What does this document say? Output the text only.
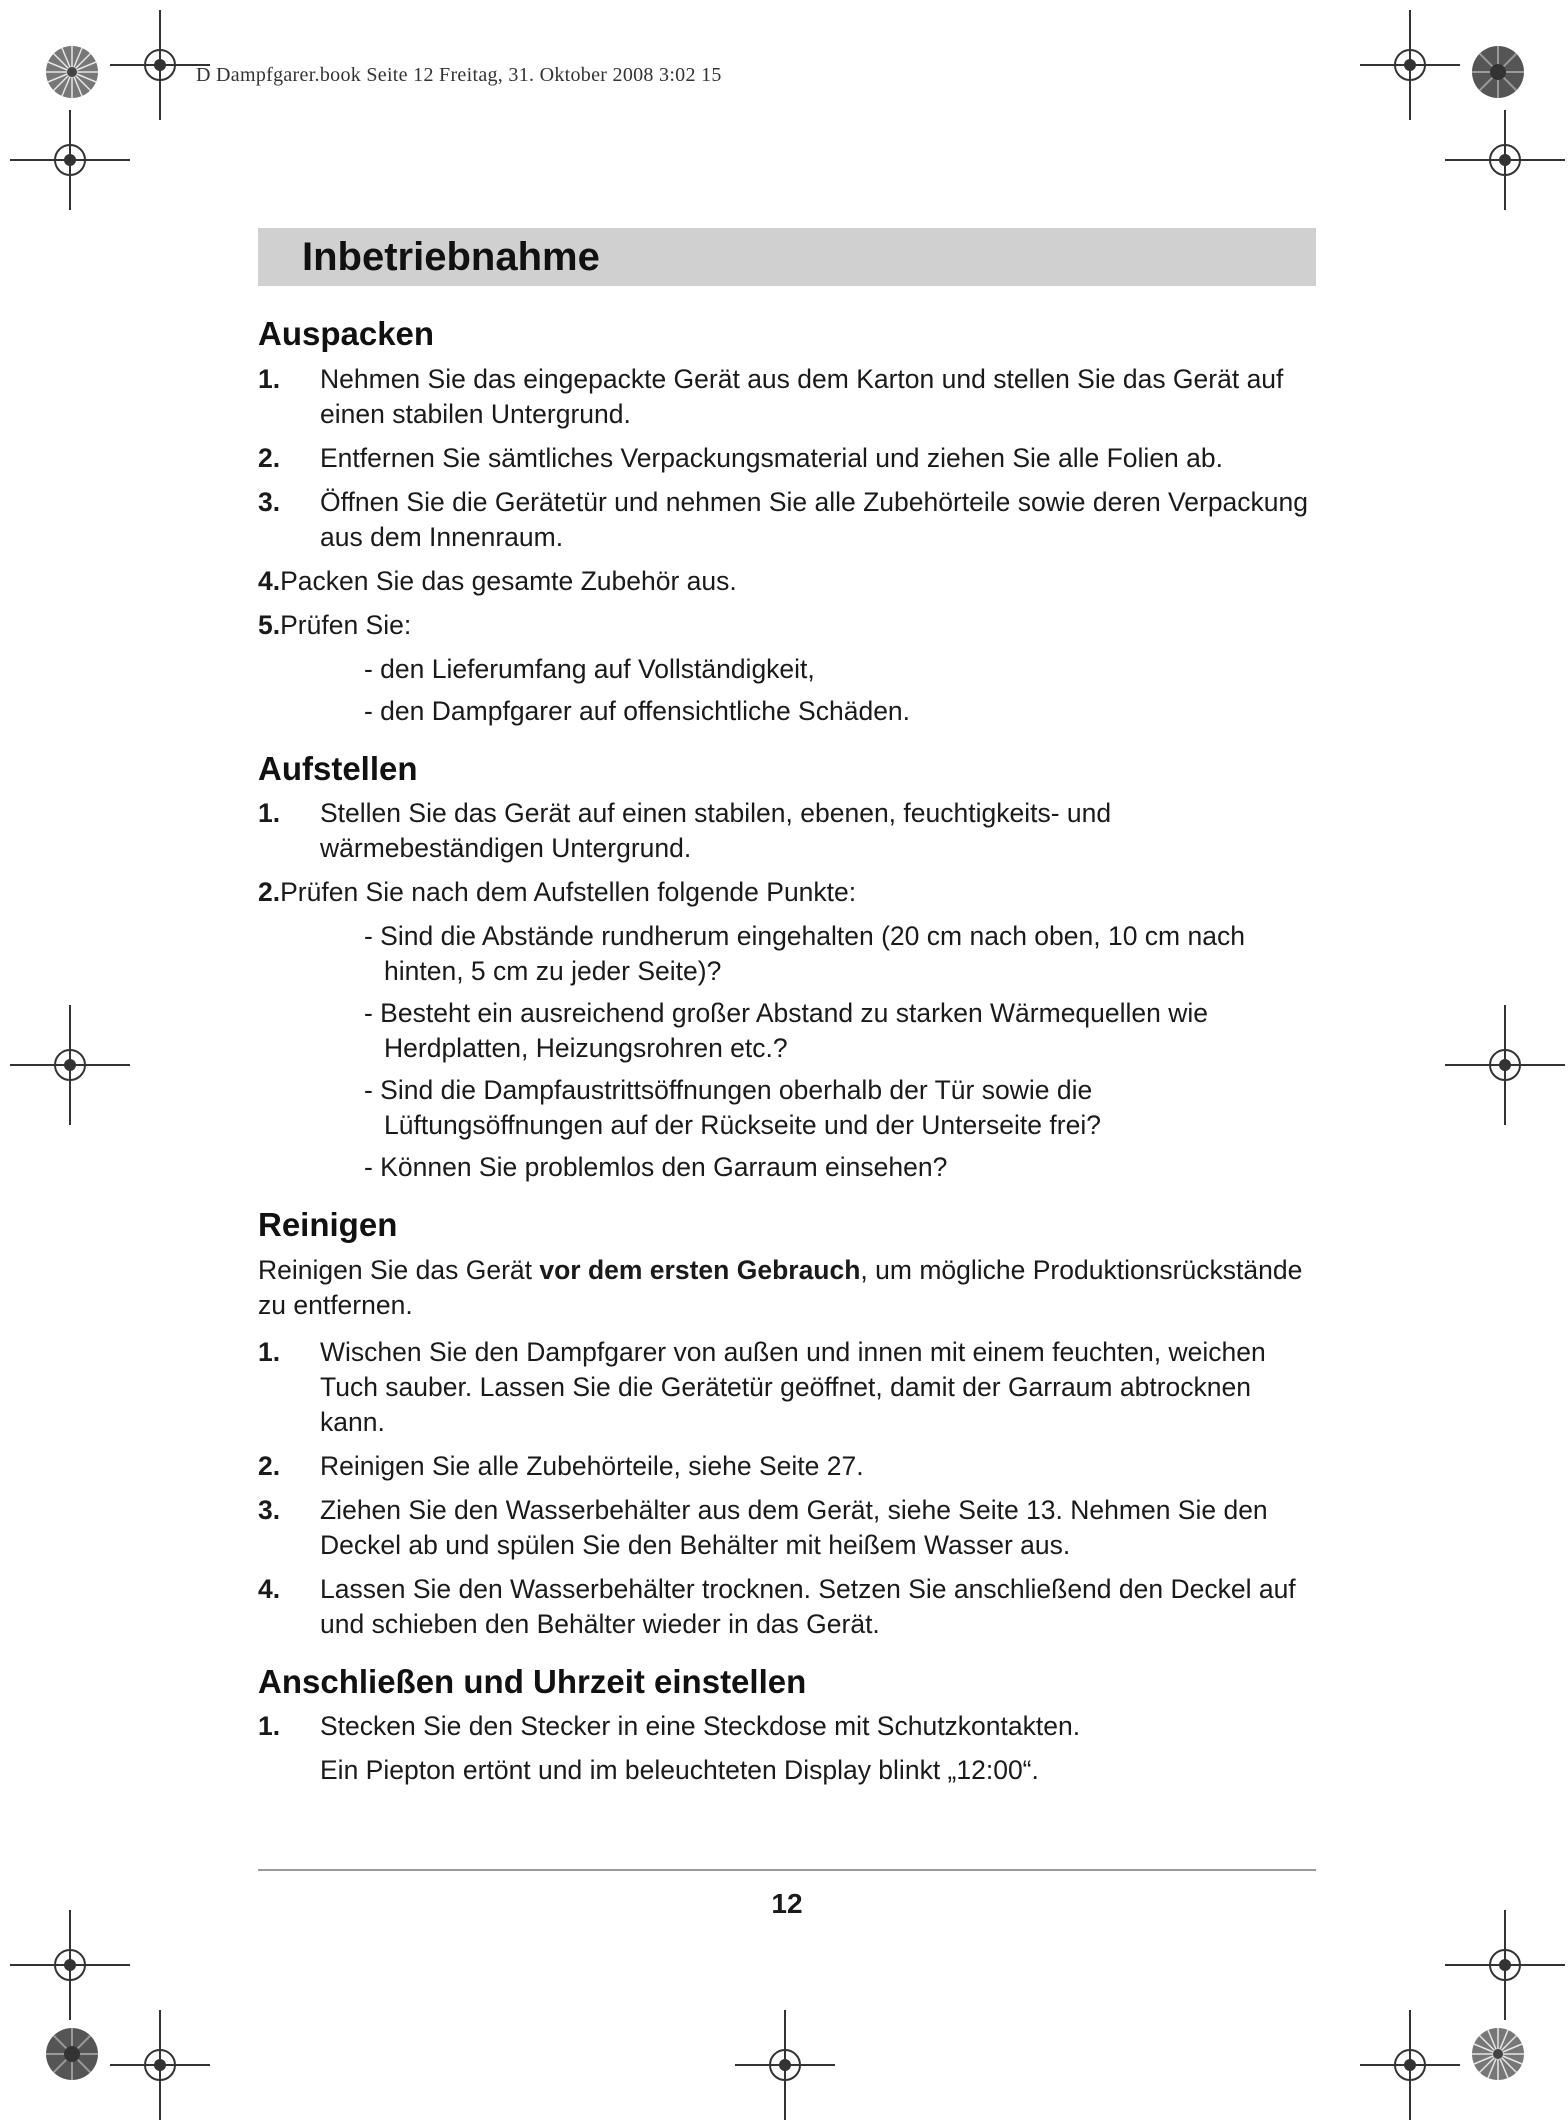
D Dampfgarer.book Seite 12 Freitag, 31. Oktober 2008 3:02 15
Inbetriebnahme
Auspacken
1.	Nehmen Sie das eingepackte Gerät aus dem Karton und stellen Sie das Gerät auf einen stabilen Untergrund.
2.	Entfernen Sie sämtliches Verpackungsmaterial und ziehen Sie alle Folien ab.
3.	Öffnen Sie die Gerätetür und nehmen Sie alle Zubehörteile sowie deren Verpackung aus dem Innenraum.
4. Packen Sie das gesamte Zubehör aus.
5. Prüfen Sie:
- den Lieferumfang auf Vollständigkeit,
- den Dampfgarer auf offensichtliche Schäden.
Aufstellen
1.	Stellen Sie das Gerät auf einen stabilen, ebenen, feuchtigkeits- und wärmebeständigen Untergrund.
2. Prüfen Sie nach dem Aufstellen folgende Punkte:
- Sind die Abstände rundherum eingehalten (20 cm nach oben, 10 cm nach hinten, 5 cm zu jeder Seite)?
- Besteht ein ausreichend großer Abstand zu starken Wärmequellen wie Herdplatten, Heizungsrohren etc.?
- Sind die Dampfaustrittsöffnungen oberhalb der Tür sowie die Lüftungsöffnungen auf der Rückseite und der Unterseite frei?
- Können Sie problemlos den Garraum einsehen?
Reinigen

Reinigen Sie das Gerät vor dem ersten Gebrauch, um mögliche Produktionsrückstände zu entfernen.

1.	Wischen Sie den Dampfgarer von außen und innen mit einem feuchten, weichen Tuch sauber. Lassen Sie die Gerätetür geöffnet, damit der Garraum abtrocknen kann.
2.	Reinigen Sie alle Zubehörteile, siehe Seite 27.
3.	Ziehen Sie den Wasserbehälter aus dem Gerät, siehe Seite 13. Nehmen Sie den Deckel ab und spülen Sie den Behälter mit heißem Wasser aus.
4.	Lassen Sie den Wasserbehälter trocknen. Setzen Sie anschließend den Deckel auf und schieben den Behälter wieder in das Gerät.
Anschließen und Uhrzeit einstellen
1.	Stecken Sie den Stecker in eine Steckdose mit Schutzkontakten.
Ein Piepton ertönt und im beleuchteten Display blinkt „12:00“.
12
